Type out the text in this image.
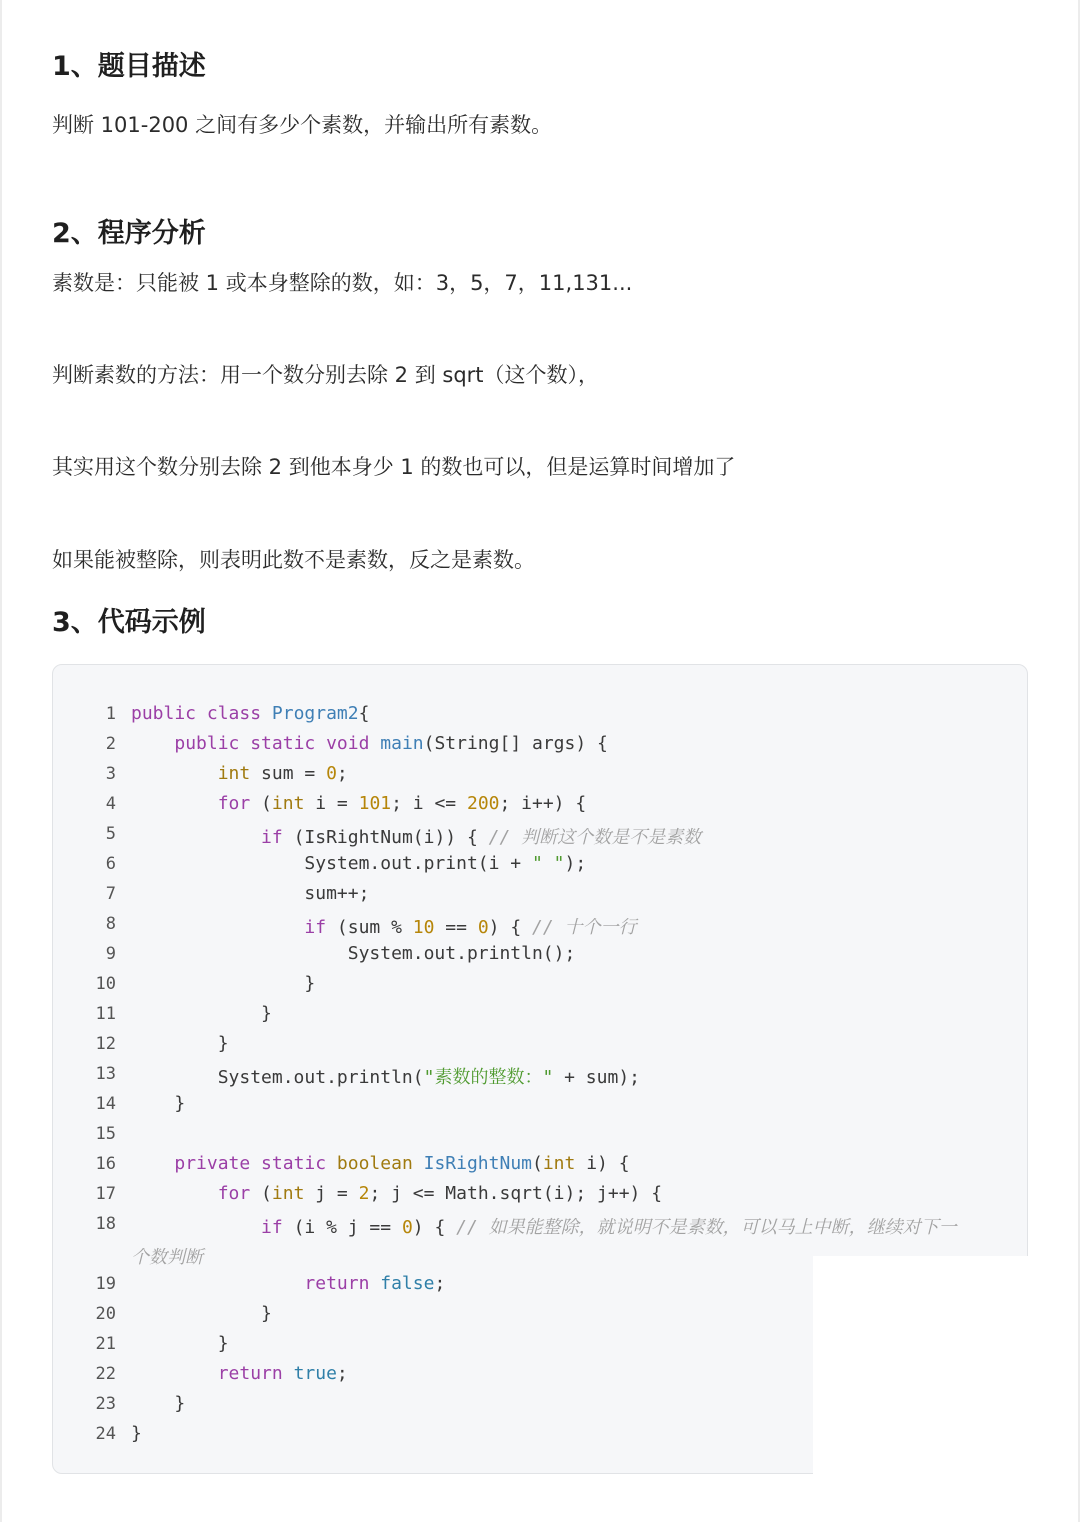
1、题目描述

判断 101-200 之间有多少个素数，并输出所有素数。

2、程序分析

素数是：只能被 1 或本身整除的数，如：3，5，7，11,131...

判断素数的方法：用一个数分别去除 2 到 sqrt（这个数），

其实用这个数分别去除 2 到他本身少 1 的数也可以，但是运算时间增加了

如果能被整除，则表明此数不是素数，反之是素数。

3、代码示例
1 public class Program2{
2	public static void main(String[] args) {
3	int sum = 0;
4	for (int i = 101; i <= 200; i++) {
5	if (IsRightNum(i)) { // 判断这个数是不是素数
6 System.out.print(i + " ");
7 sum++;
8	if (sum % 10 == 0) { // 十个一行
9 System.out.println();
10 }
11 }
12 }
13 System.out.println("素数的整数：" + sum);
14 }
15
16	private static boolean IsRightNum(int i) {
17	for (int j = 2; j <= Math.sqrt(i); j++) {
18	if (i % j == 0) { // 如果能整除，就说明不是素数，可以马上中断，继续对下一
19	return false;
20 }
21 }
22	return true;
23 }
24 }
个数判断
